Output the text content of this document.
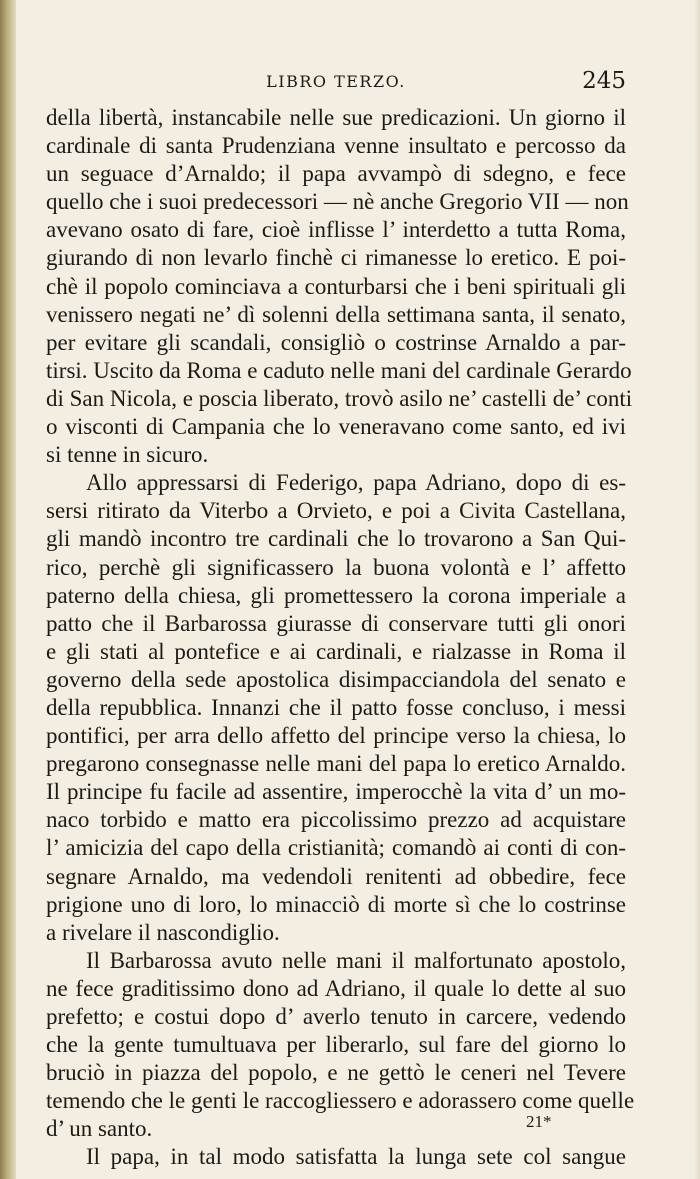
LIBRO TERZO.	245
della libertà, instancabile nelle sue predicazioni. Un giorno il
cardinale di santa Prudenziana venne insultato e percosso da
un seguace d’Arnaldo; il papa avvampò di sdegno, e fece
quello che i suoi predecessori — nè anche Gregorio VII — non
avevano osato di fare, cioè inflisse l’ interdetto a tutta Roma,
giurando di non levarlo finchè ci rimanesse lo eretico. E poi-
chè il popolo cominciava a conturbarsi che i beni spirituali gli
venissero negati ne’ dì solenni della settimana santa, il senato,
per evitare gli scandali, consigliò o costrinse Arnaldo a par-
tirsi. Uscito da Roma e caduto nelle mani del cardinale Gerardo
di San Nicola, e poscia liberato, trovò asilo ne’ castelli de’ conti
o visconti di Campania che lo veneravano come santo, ed ivi
si tenne in sicuro.
Allo appressarsi di Federigo, papa Adriano, dopo di es-
sersi ritirato da Viterbo a Orvieto, e poi a Civita Castellana,
gli mandò incontro tre cardinali che lo trovarono a San Qui-
rico, perchè gli significassero la buona volontà e l’ affetto
paterno della chiesa, gli promettessero la corona imperiale a
patto che il Barbarossa giurasse di conservare tutti gli onori
e gli stati al pontefice e ai cardinali, e rialzasse in Roma il
governo della sede apostolica disimpacciandola del senato e
della repubblica. Innanzi che il patto fosse concluso, i messi
pontifici, per arra dello affetto del principe verso la chiesa, lo
pregarono consegnasse nelle mani del papa lo eretico Arnaldo.
Il principe fu facile ad assentire, imperocchè la vita d’ un mo-
naco torbido e matto era piccolissimo prezzo ad acquistare
l’ amicizia del capo della cristianità; comandò ai conti di con-
segnare Arnaldo, ma vedendoli renitenti ad obbedire, fece
prigione uno di loro, lo minacciò di morte sì che lo costrinse
a rivelare il nascondiglio.
Il Barbarossa avuto nelle mani il malfortunato apostolo,
ne fece graditissimo dono ad Adriano, il quale lo dette al suo
prefetto; e costui dopo d’ averlo tenuto in carcere, vedendo
che la gente tumultuava per liberarlo, sul fare del giorno lo
bruciò in piazza del popolo, e ne gettò le ceneri nel Tevere
temendo che le genti le raccogliessero e adorassero come quelle
d’ un santo.
Il papa, in tal modo satisfatta la lunga sete col sangue
21*
